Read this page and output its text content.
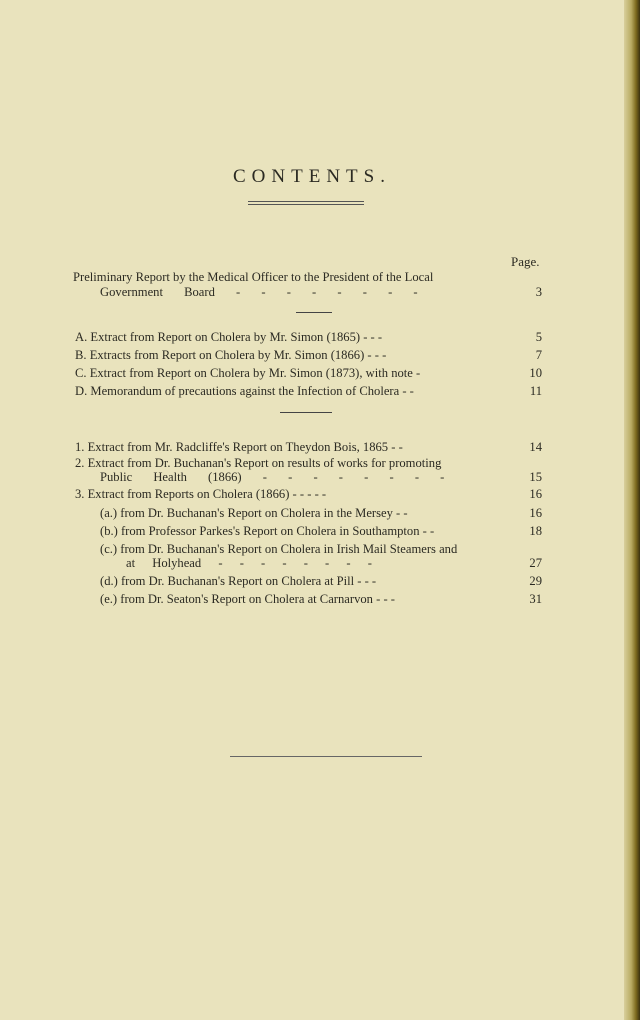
CONTENTS.
Page.
Preliminary Report by the Medical Officer to the President of the Local
Government Board - - - - - - - -	3
A. Extract from Report on Cholera by Mr. Simon (1865) - - -	5
B. Extracts from Report on Cholera by Mr. Simon (1866) - - -	7
C. Extract from Report on Cholera by Mr. Simon (1873), with note -	10
D. Memorandum of precautions against the Infection of Cholera - -	11
1. Extract from Mr. Radcliffe's Report on Theydon Bois, 1865 - -	14
2. Extract from Dr. Buchanan's Report on results of works for promoting
Public Health (1866) - - - - - - - -	15
3. Extract from Reports on Cholera (1866) - - - - -	16
(a.) from Dr. Buchanan's Report on Cholera in the Mersey - -	16
(b.) from Professor Parkes's Report on Cholera in Southampton - -	18
(c.) from Dr. Buchanan's Report on Cholera in Irish Mail Steamers and
at Holyhead - - - - - - - -	27
(d.) from Dr. Buchanan's Report on Cholera at Pill - - -	29
(e.) from Dr. Seaton's Report on Cholera at Carnarvon - - -	31
